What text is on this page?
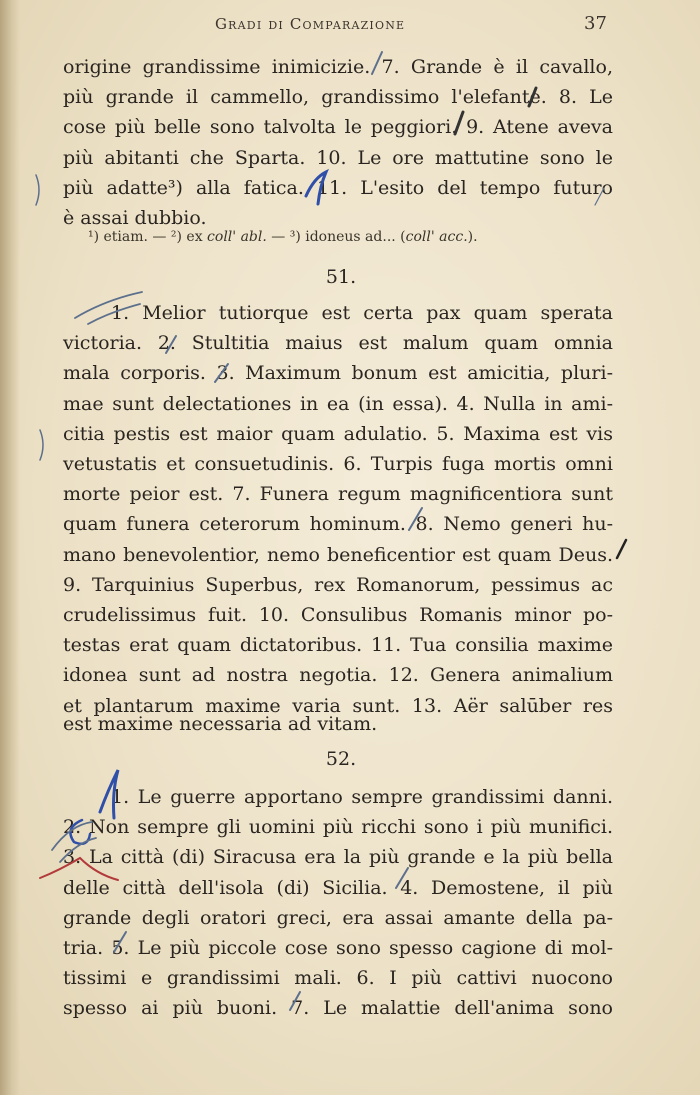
Gradi di Comparazione	37
origine grandissime inimicizie. 7. Grande è il cavallo,
più grande il cammello, grandissimo l'elefante. 8. Le
cose più belle sono talvolta le peggiori. 9. Atene aveva
più abitanti che Sparta. 10. Le ore mattutine sono le
più adatte³) alla fatica. 11. L'esito del tempo futuro
è assai dubbio.
¹) etiam. — ²) ex coll' abl. — ³) idoneus ad... (coll' acc.).
51.
1. Melior tutiorque est certa pax quam sperata
victoria. 2. Stultitia maius est malum quam omnia
mala corporis. 3. Maximum bonum est amicitia, pluri-
mae sunt delectationes in ea (in essa). 4. Nulla in ami-
citia pestis est maior quam adulatio. 5. Maxima est vis
vetustatis et consuetudinis. 6. Turpis fuga mortis omni
morte peior est. 7. Funera regum magnificentiora sunt
quam funera ceterorum hominum. 8. Nemo generi hu-
mano benevolentior, nemo beneficentior est quam Deus.
9. Tarquinius Superbus, rex Romanorum, pessimus ac
crudelissimus fuit. 10. Consulibus Romanis minor po-
testas erat quam dictatoribus. 11. Tua consilia maxime
idonea sunt ad nostra negotia. 12. Genera animalium
et plantarum maxime varia sunt. 13. Aër salūber res
est maxime necessaria ad vitam.
52.
1. Le guerre apportano sempre grandissimi danni.
2. Non sempre gli uomini più ricchi sono i più munifici.
3. La città (di) Siracusa era la più grande e la più bella
delle città dell'isola (di) Sicilia. 4. Demostene, il più
grande degli oratori greci, era assai amante della pa-
tria. 5. Le più piccole cose sono spesso cagione di mol-
tissimi e grandissimi mali. 6. I più cattivi nuocono
spesso ai più buoni. 7. Le malattie dell'anima sono
